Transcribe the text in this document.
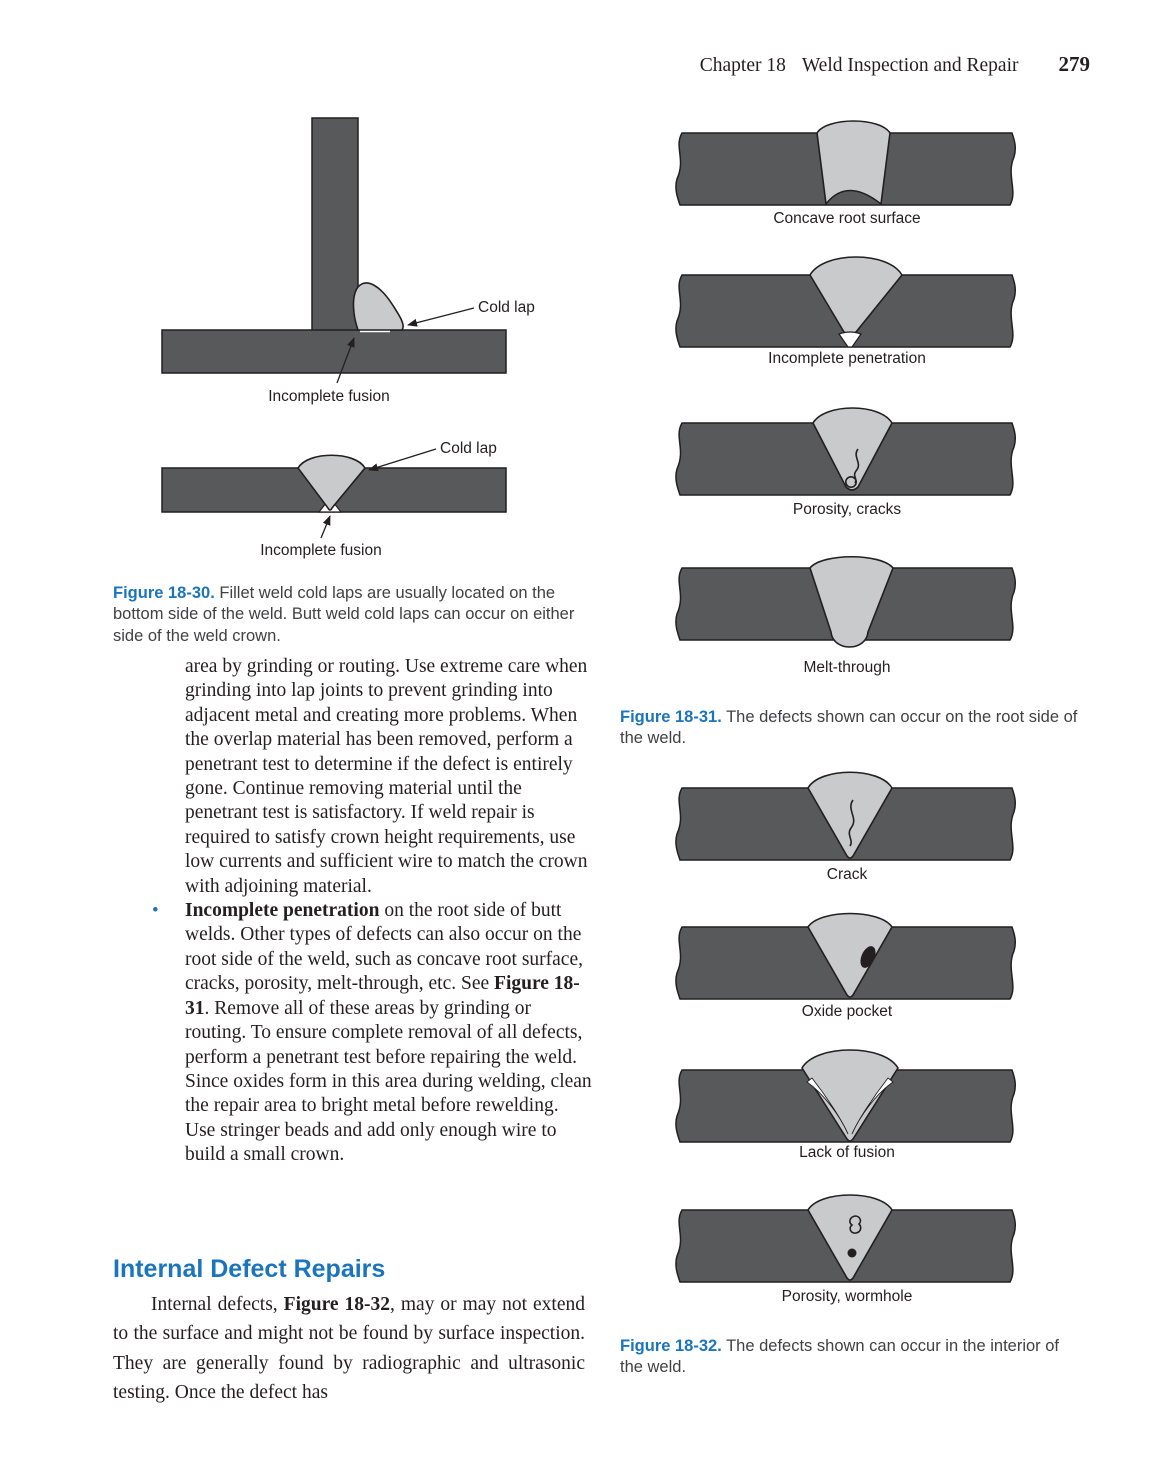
Chapter 18 Weld Inspection and Repair 279
Cold lap
Incomplete fusion
Cold lap
Incomplete fusion

Figure 18-30. Fillet weld cold laps are usually located on the bottom side of the weld. Butt weld cold laps can occur on either side of the weld crown.

area by grinding or routing. Use extreme care when grinding into lap joints to prevent grinding into adjacent metal and creating more problems. When the overlap material has been removed, perform a penetrant test to determine if the defect is entirely gone. Continue removing material until the penetrant test is satisfactory. If weld repair is required to satisfy crown height requirements, use low currents and sufficient wire to match the crown with adjoining material.

• Incomplete penetration on the root side of butt welds. Other types of defects can also occur on the root side of the weld, such as concave root surface, cracks, porosity, melt-through, etc. See Figure 18-31. Remove all of these areas by grinding or routing. To ensure complete removal of all defects, perform a penetrant test before repairing the weld. Since oxides form in this area during welding, clean the repair area to bright metal before rewelding. Use stringer beads and add only enough wire to build a small crown.
Internal Defect Repairs

Internal defects, Figure 18-32, may or may not extend to the surface and might not be found by surface inspection. They are generally found by radiographic and ultrasonic testing. Once the defect has

Concave root surface
Incomplete penetration
Porosity, cracks
Melt-through

Figure 18-31. The defects shown can occur on the root side of the weld.

Crack
Oxide pocket
Lack of fusion
Porosity, wormhole

Figure 18-32. The defects shown can occur in the interior of the weld.
